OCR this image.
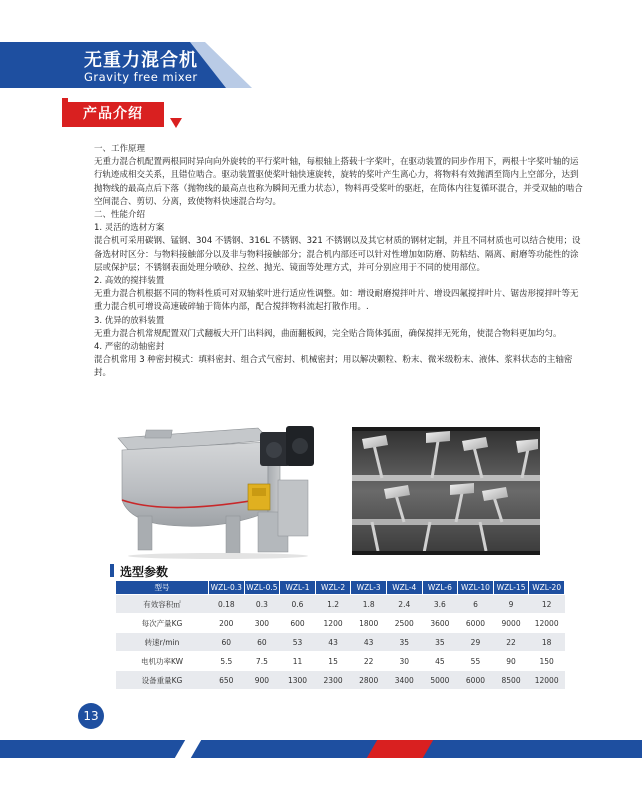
无重力混合机
Gravity free mixer
产品介绍

一、工作原理

无重力混合机配置两根同时异向向外旋转的平行桨叶轴，每根轴上搭载十字桨叶，在驱动装置的同步作用下，两根十字桨叶轴的运行轨迹成相交关系，且错位啮合。驱动装置驱使桨叶轴快速旋转，旋转的桨叶产生离心力，将物料有效抛洒至筒内上空部分，达到抛物线的最高点后下落（抛物线的最高点也称为瞬间无重力状态），物料再受桨叶的驱赶，在筒体内往复循环混合，并受双轴的啮合空间混合、剪切、分离，致使物料快速混合均匀。

二、性能介绍

1. 灵活的选材方案

混合机可采用碳钢、锰钢、304 不锈钢、316L 不锈钢、321 不锈钢以及其它材质的钢材定制，并且不同材质也可以结合使用；设备选材时区分：与物料接触部分以及非与物料接触部分；混合机内部还可以针对性增加如防磨、防粘结、隔离、耐磨等功能性的涂层或保护层；不锈钢表面处理分喷砂、拉丝、抛光、镜面等处理方式，并可分别应用于不同的使用部位。

2. 高效的搅拌装置

无重力混合机根据不同的物料性质可对双轴桨叶进行适应性调整。如：增设耐磨搅拌叶片、增设四氟搅拌叶片、锯齿形搅拌叶等无重力混合机可增设高速破碎轴于筒体内部，配合搅拌物料流起打散作用。.

3. 优异的放料装置

无重力混合机常规配置双门式翻板大开门出料阀，曲面翻板阀，完全贴合筒体弧面，确保搅拌无死角，使混合物料更加均匀。

4. 严密的动轴密封

混合机常用 3 种密封模式：填料密封、组合式气密封、机械密封；用以解决颗粒、粉末、微米级粉末、液体、浆料状态的主轴密封。

选型参数
型号	WZL-0.3	WZL-0.5	WZL-1	WZL-2	WZL-3	WZL-4	WZL-6	WZL-10	WZL-15	WZL-20
有效容积㎡	0.18	0.3	0.6	1.2	1.8	2.4	3.6	6	9	12
每次产量KG	200	300	600	1200	1800	2500	3600	6000	9000	12000
转速r/min	60	60	53	43	43	35	35	29	22	18
电机功率KW	5.5	7.5	11	15	22	30	45	55	90	150
设备重量KG	650	900	1300	2300	2800	3400	5000	6000	8500	12000
13
